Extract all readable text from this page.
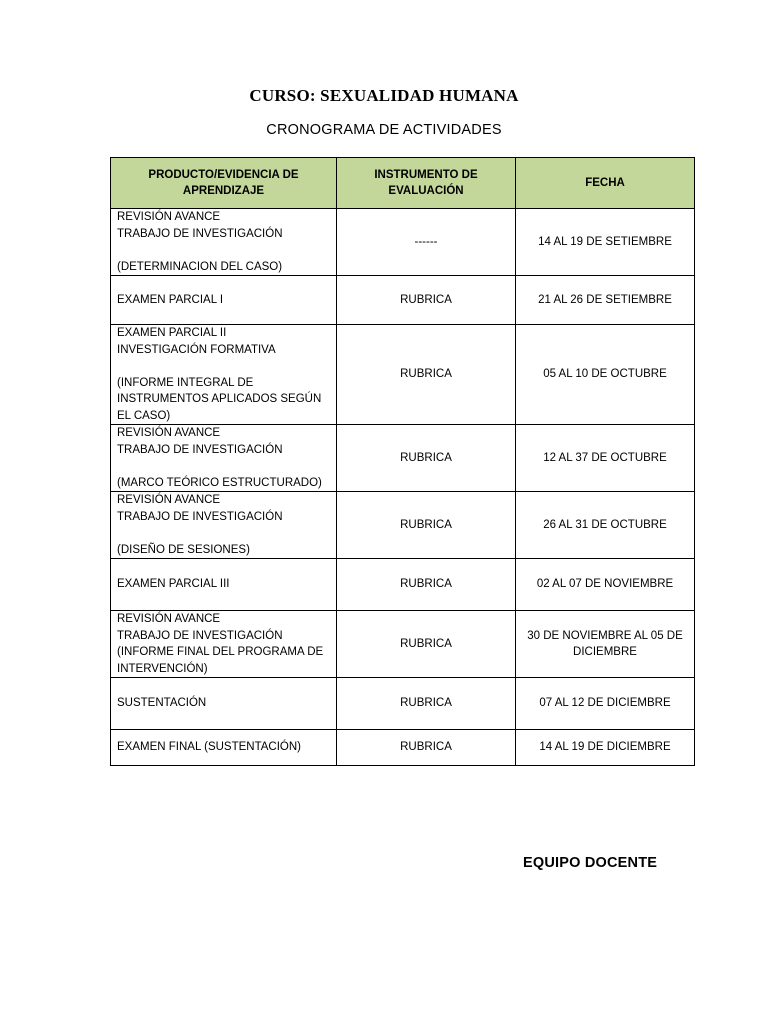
CURSO: SEXUALIDAD HUMANA
CRONOGRAMA DE ACTIVIDADES
PRODUCTO/EVIDENCIA DE APRENDIZAJE	INSTRUMENTO DE EVALUACIÓN	FECHA

REVISIÓN AVANCE
TRABAJO DE INVESTIGACIÓN
(DETERMINACION DEL CASO)	------	14 AL 19 DE SETIEMBRE

EXAMEN PARCIAL I	RUBRICA	21 AL 26 DE SETIEMBRE

EXAMEN PARCIAL II
INVESTIGACIÓN FORMATIVA
(INFORME INTEGRAL DE INSTRUMENTOS APLICADOS SEGÚN EL CASO)	RUBRICA	05 AL 10 DE OCTUBRE

REVISIÓN AVANCE
TRABAJO DE INVESTIGACIÓN
(MARCO TEÓRICO ESTRUCTURADO)	RUBRICA	12 AL 37 DE OCTUBRE

REVISIÓN AVANCE
TRABAJO DE INVESTIGACIÓN
(DISEÑO DE SESIONES)	RUBRICA	26 AL 31 DE OCTUBRE

EXAMEN PARCIAL III	RUBRICA	02 AL 07 DE NOVIEMBRE

REVISIÓN AVANCE
TRABAJO DE INVESTIGACIÓN
(INFORME FINAL DEL PROGRAMA DE INTERVENCIÓN)	RUBRICA	30 DE NOVIEMBRE AL 05 DE DICIEMBRE

SUSTENTACIÓN	RUBRICA	07 AL 12 DE DICIEMBRE

EXAMEN FINAL (SUSTENTACIÓN)	RUBRICA	14 AL 19 DE DICIEMBRE
EQUIPO DOCENTE
